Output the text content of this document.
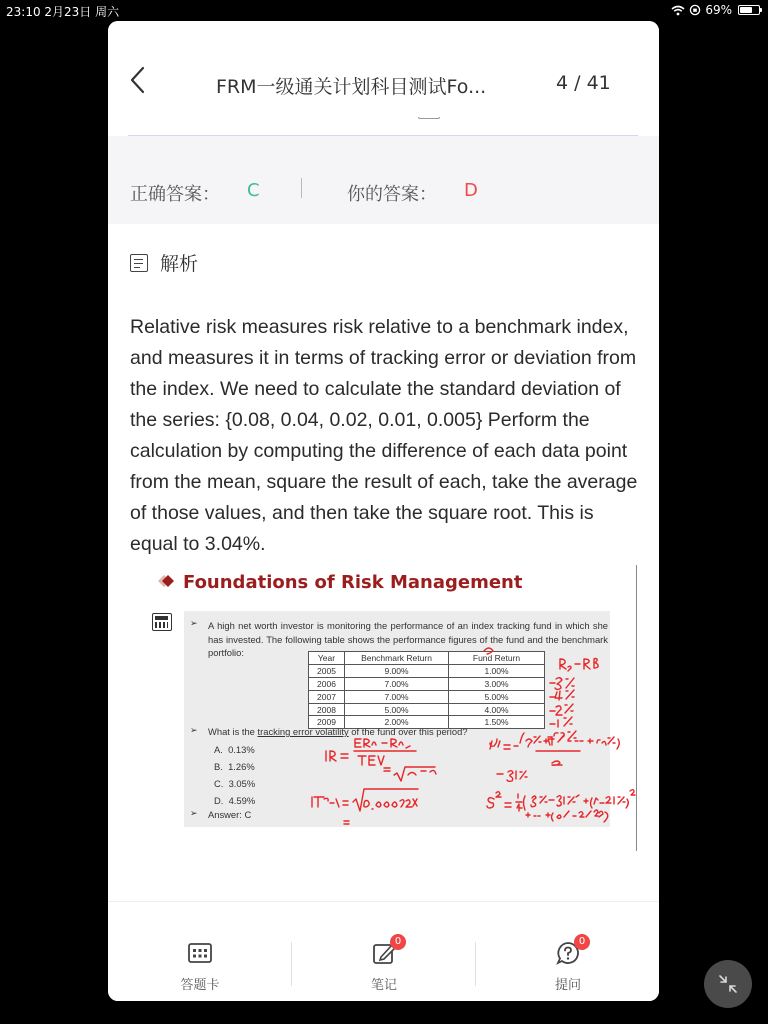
23:10 2月23日 周六	69%
FRM一级通关计划科目测试Fo...	4 / 41
正确答案： C	你的答案： D
解析

Relative risk measures risk relative to a benchmark index, and measures it in terms of tracking error or deviation from the index. We need to calculate the standard deviation of the series: {0.08, 0.04, 0.02, 0.01, 0.005} Perform the calculation by computing the difference of each data point from the mean, square the result of each, take the average of those values, and then take the square root. This is equal to 3.04%.

Foundations of Risk Management
➢ A high net worth investor is monitoring the performance of an index tracking fund in which she has invested. The following table shows the performance figures of the fund and the benchmark portfolio:	Year	Benchmark Return	Fund Return
2005	9.00%	1.00%
2006	7.00%	3.00%
2007	7.00%	5.00%
2008	5.00%	4.00%
2009	2.00%	1.50%
➢ What is the tracking error volatility of the fund over this period?

A. 0.13%
B. 1.26%
C. 3.05%
D. 4.59%
➢ Answer: C
答题卡
0
笔记
0
提问
